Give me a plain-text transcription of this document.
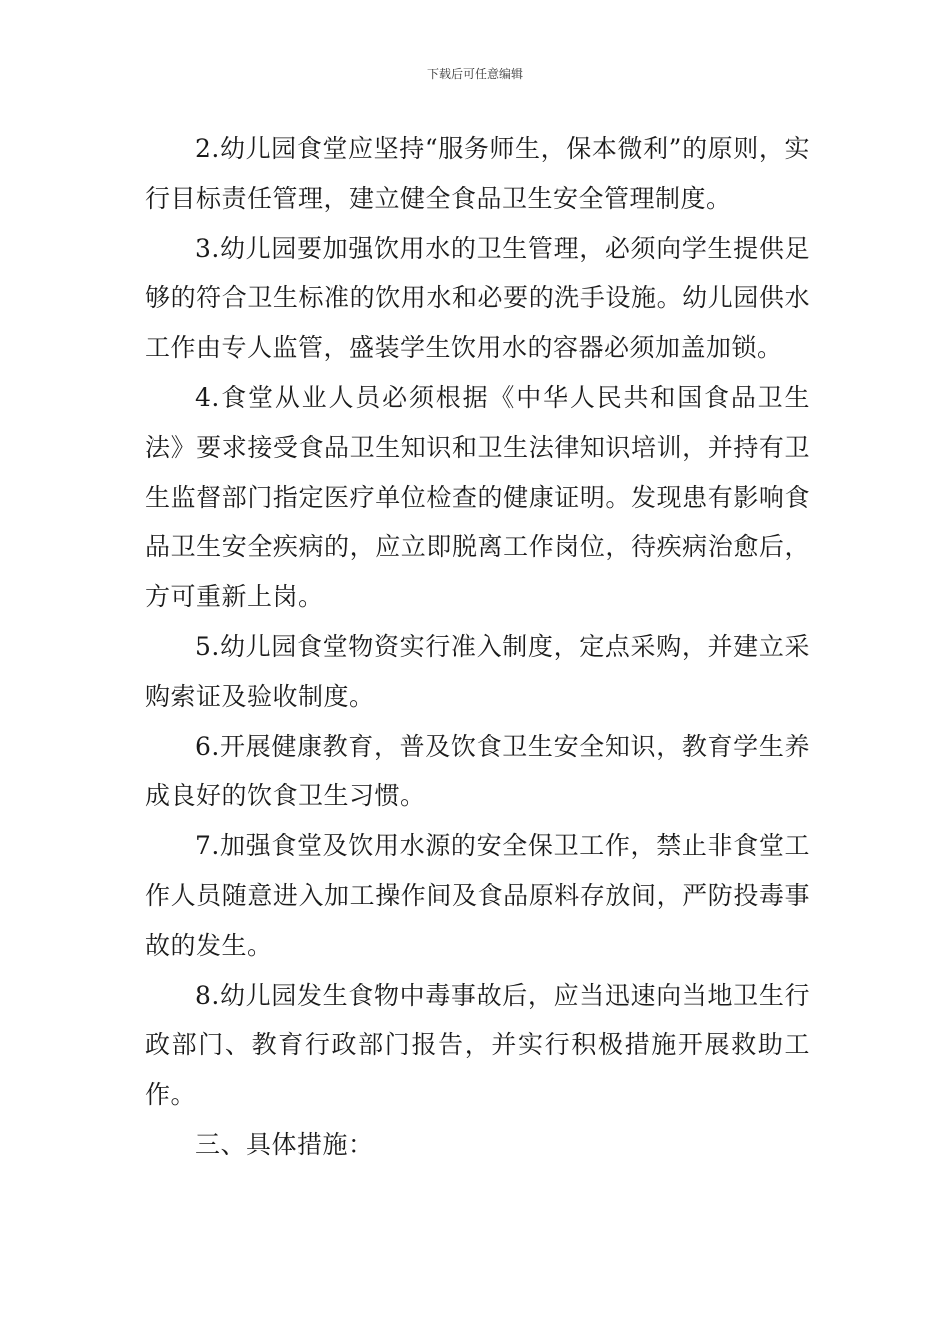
下载后可任意编辑

2.幼儿园食堂应坚持“服务师生，保本微利”的原则，实行目标责任管理，建立健全食品卫生安全管理制度。

3.幼儿园要加强饮用水的卫生管理，必须向学生提供足够的符合卫生标准的饮用水和必要的洗手设施。幼儿园供水工作由专人监管，盛装学生饮用水的容器必须加盖加锁。

4.食堂从业人员必须根据《中华人民共和国食品卫生法》要求接受食品卫生知识和卫生法律知识培训，并持有卫生监督部门指定医疗单位检查的健康证明。发现患有影响食品卫生安全疾病的，应立即脱离工作岗位，待疾病治愈后，方可重新上岗。

5.幼儿园食堂物资实行准入制度，定点采购，并建立采购索证及验收制度。

6.开展健康教育，普及饮食卫生安全知识，教育学生养成良好的饮食卫生习惯。

7.加强食堂及饮用水源的安全保卫工作，禁止非食堂工作人员随意进入加工操作间及食品原料存放间，严防投毒事故的发生。

8.幼儿园发生食物中毒事故后，应当迅速向当地卫生行政部门、教育行政部门报告，并实行积极措施开展救助工作。

三、具体措施：
